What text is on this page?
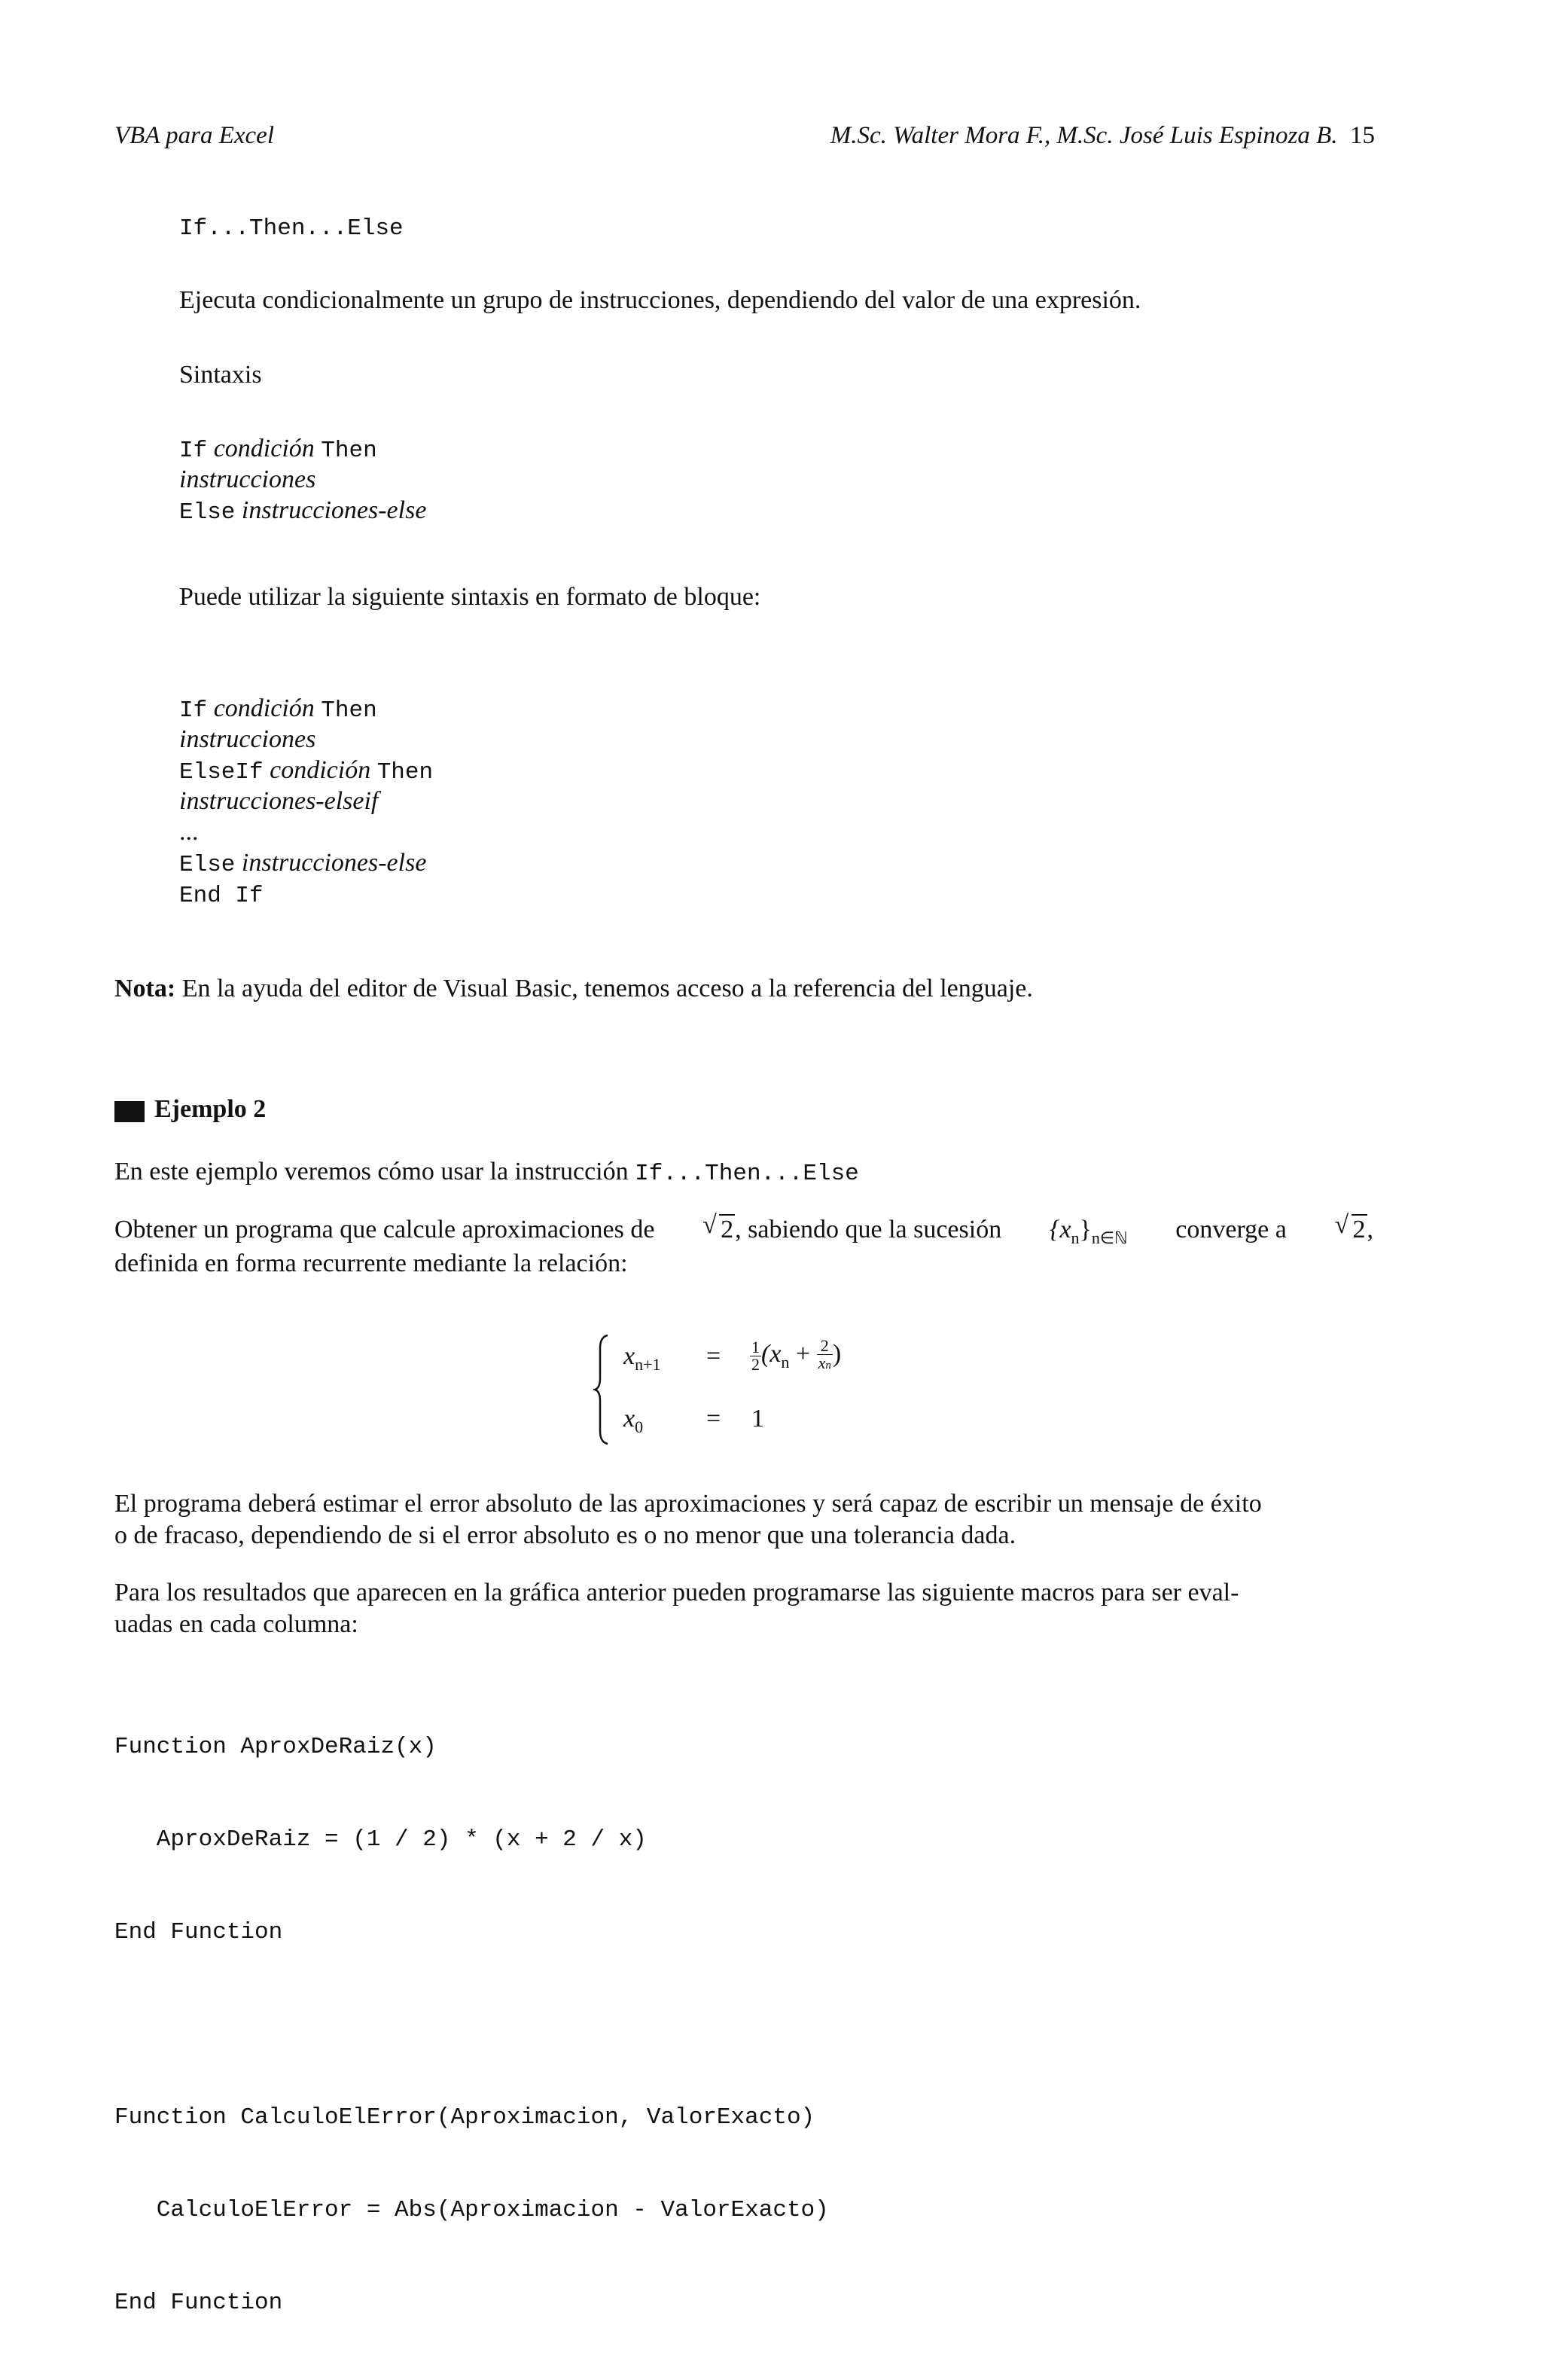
VBA para Excel	M.Sc. Walter Mora F., M.Sc. José Luis Espinoza B. 15
If...Then...Else
Ejecuta condicionalmente un grupo de instrucciones, dependiendo del valor de una expresión.
Sintaxis
If condición Then
instrucciones
Else instrucciones-else
Puede utilizar la siguiente sintaxis en formato de bloque:
If condición Then
instrucciones
ElseIf condición Then
instrucciones-elseif
...
Else instrucciones-else
End If
Nota: En la ayuda del editor de Visual Basic, tenemos acceso a la referencia del lenguaje.
Ejemplo 2
En este ejemplo veremos cómo usar la instrucción If...Then...Else
Obtener un programa que calcule aproximaciones de √ 2, sabiendo que la sucesión $\{x_n\}_{n\in ℕ}$ converge a √ 2,
definida en forma recurrente mediante la relación:
$x_{n+1} = \frac{1}{2} (x_n + \frac{2}{xn}$ )
$x_0 = 1$
El programa deberá estimar el error absoluto de las aproximaciones y será capaz de escribir un mensaje de éxito
o de fracaso, dependiendo de si el error absoluto es o no menor que una tolerancia dada.
Para los resultados que aparecen en la gráfica anterior pueden programarse las siguiente macros para ser eval-
uadas en cada columna:

Function AproxDeRaiz(x)

AproxDeRaiz = (1 / 2) * (x + 2 / x)

End Function

Function CalculoElError(Aproximacion, ValorExacto)

CalculoElError = Abs(Aproximacion - ValorExacto)

End Function
